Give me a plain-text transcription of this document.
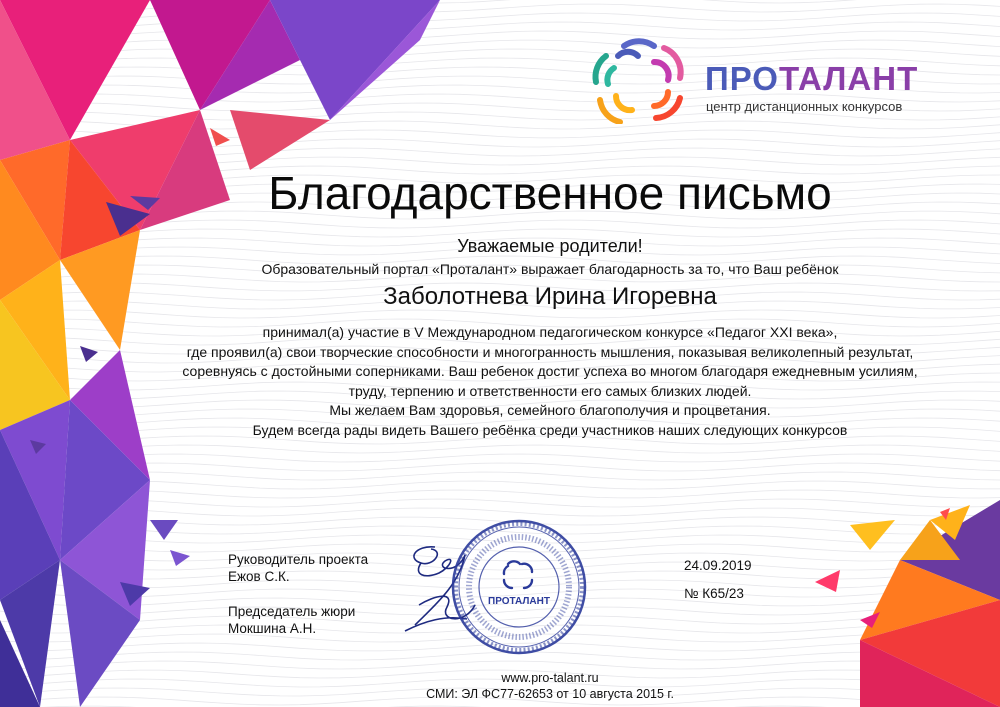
ПРОТАЛАНТ
центр дистанционных конкурсов
Благодарственное письмо
Уважаемые родители!
Образовательный портал «Проталант» выражает благодарность за то, что Ваш ребёнок
Заболотнева Ирина Игоревна
принимал(а) участие в V Международном педагогическом конкурсе «Педагог XXI века»,
где проявил(а) свои творческие способности и многогранность мышления, показывая великолепный результат,
соревнуясь с достойными соперниками. Ваш ребенок достиг успеха во многом благодаря ежедневным усилиям,
труду, терпению и ответственности его самых близких людей.
Мы желаем Вам здоровья, семейного благополучия и процветания.
Будем всегда рады видеть Вашего ребёнка среди участников наших следующих конкурсов
Руководитель проекта
Ежов С.К.
Председатель жюри
Мокшина А.Н.
ПРОТАЛАНТ
24.09.2019
№ К65/23
www.pro-talant.ru
СМИ: ЭЛ ФС77-62653 от 10 августа 2015 г.
